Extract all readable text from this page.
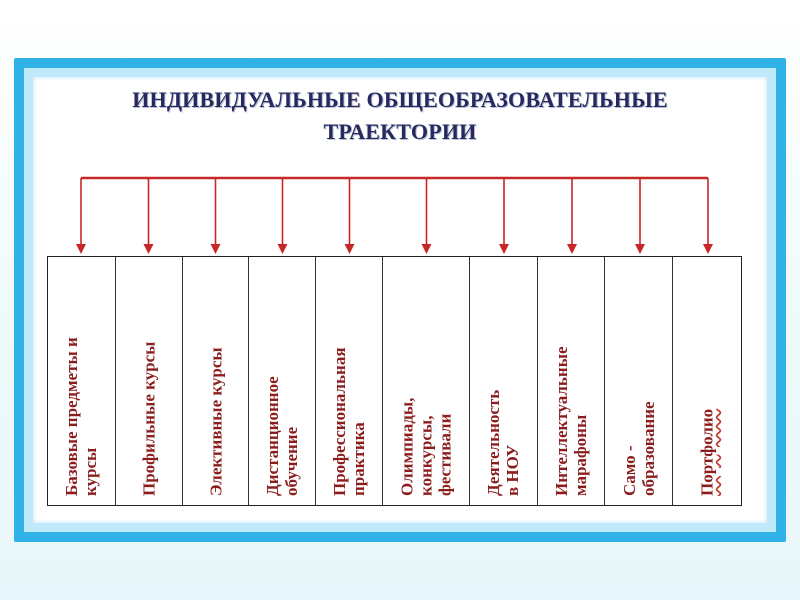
ИНДИВИДУАЛЬНЫЕ ОБЩЕОБРАЗОВАТЕЛЬНЫЕ
ТРАЕКТОРИИ
Базовые предметы и курсы Профильные курсы	Элективные курсы Дистанционное обучение Профессиональная практика Олимпиады, конкурсы, фестивали Деятельность в НОУ Интеллектуальные марафоны Само - образование Портфолио
